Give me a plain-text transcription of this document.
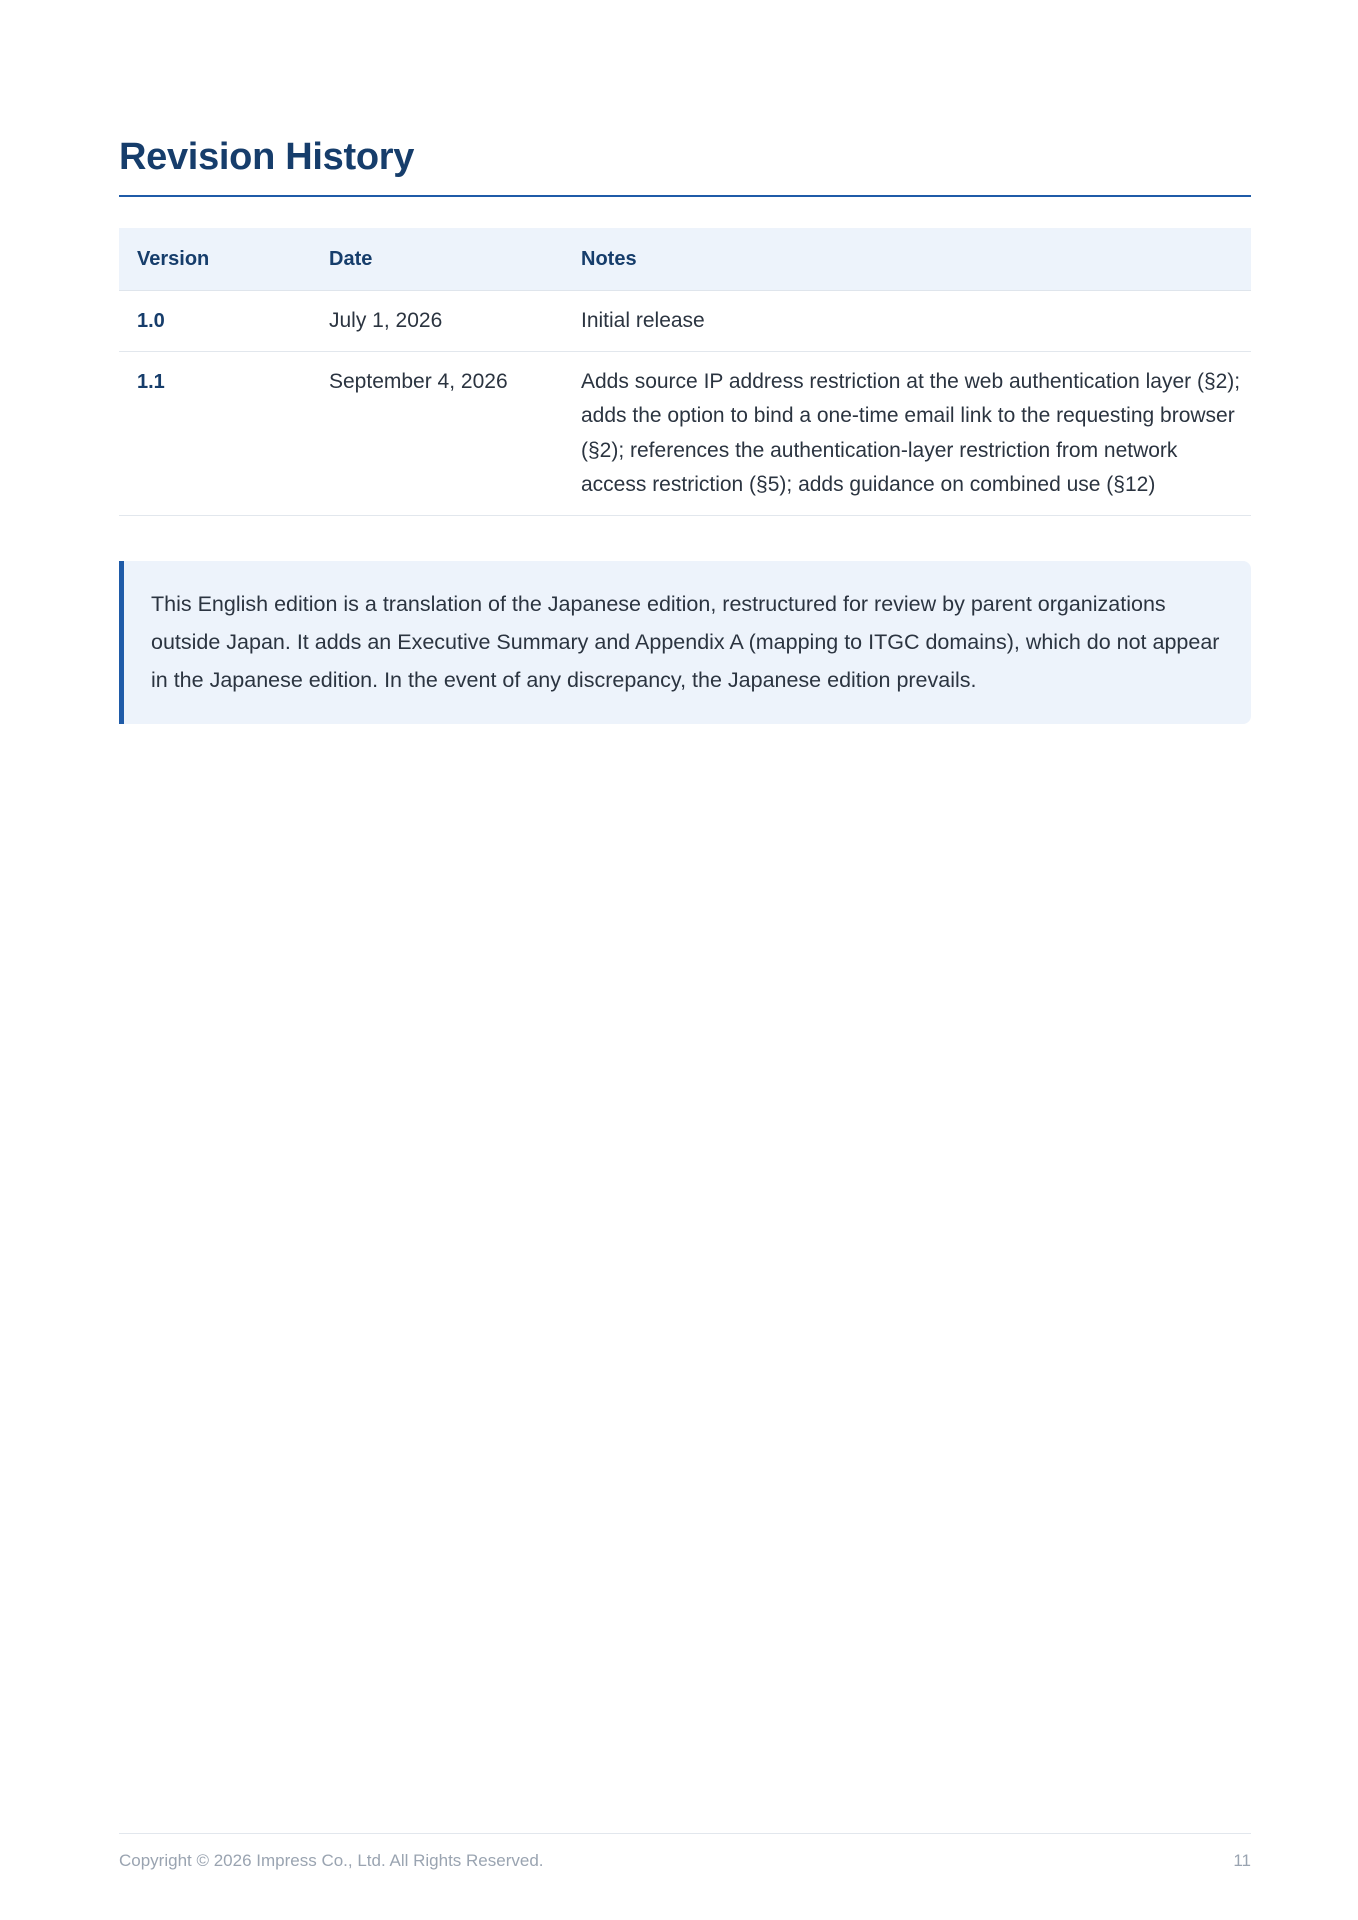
Revision History
Version	Date	Notes
1.0	July 1, 2026	Initial release
1.1	September 4, 2026	Adds source IP address restriction at the web authentication layer (§2); adds the option to bind a one-time email link to the requesting browser (§2); references the authentication-layer restriction from network access restriction (§5); adds guidance on combined use (§12)
This English edition is a translation of the Japanese edition, restructured for review by parent organizations outside Japan. It adds an Executive Summary and Appendix A (mapping to ITGC domains), which do not appear in the Japanese edition. In the event of any discrepancy, the Japanese edition prevails.
Copyright © 2026 Impress Co., Ltd. All Rights Reserved.	11
